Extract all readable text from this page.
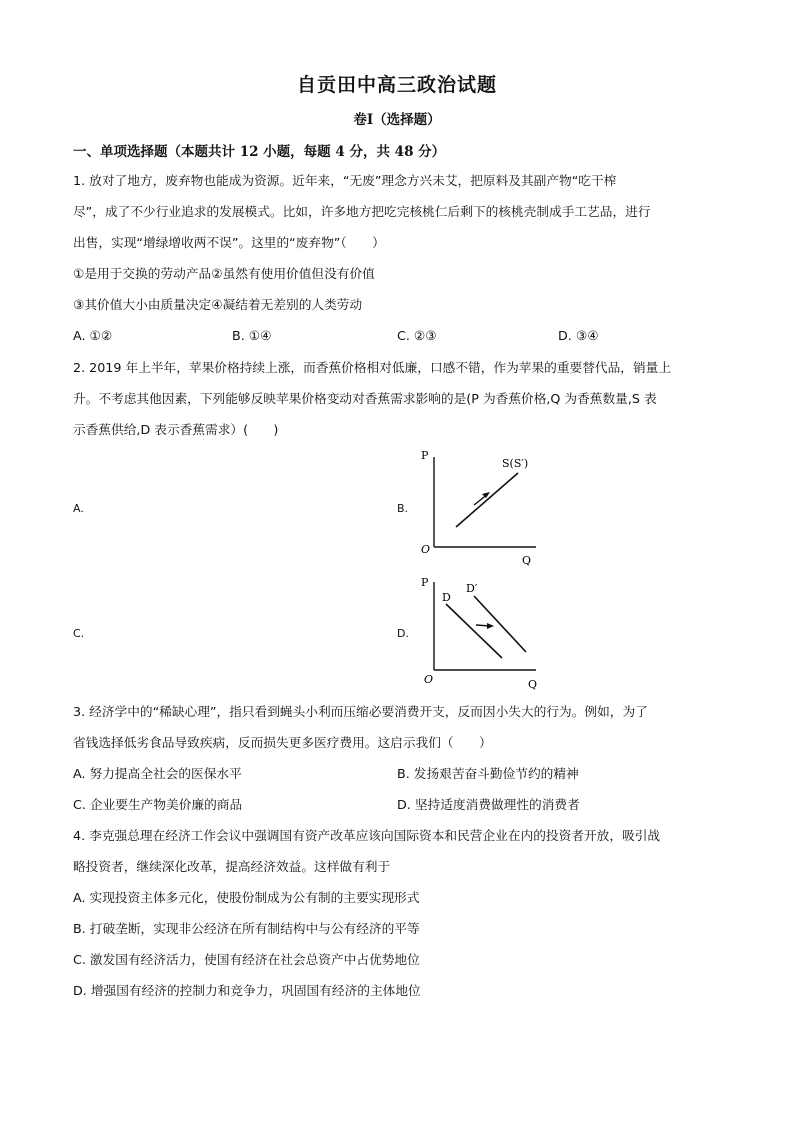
自贡田中高三政治试题
卷Ⅰ（选择题）
一、单项选择题（本题共计 12 小题，每题 4 分，共 48 分）
1. 放对了地方，废弃物也能成为资源。近年来，“无废”理念方兴未艾，把原料及其副产物“吃干榨
尽”，成了不少行业追求的发展模式。比如，许多地方把吃完核桃仁后剩下的核桃壳制成手工艺品，进行
出售，实现“增绿增收两不误”。这里的“废弃物”（　　）
①是用于交换的劳动产品②虽然有使用价值但没有价值
③其价值大小由质量决定④凝结着无差别的人类劳动
A. ①②	B. ①④	C. ②③	D. ③④
2. 2019 年上半年，苹果价格持续上涨，而香蕉价格相对低廉，口感不错，作为苹果的重要替代品，销量上
升。不考虑其他因素，下列能够反映苹果价格变动对香蕉需求影响的是(P 为香蕉价格,Q 为香蕉数量,S 表
示香蕉供给,D 表示香蕉需求）(　　)
A.	B.
C.	D.
P
Q
O
S(S′)
P
Q
O
D
D′
3. 经济学中的“稀缺心理”，指只看到蝇头小利而压缩必要消费开支，反而因小失大的行为。例如，为了
省钱选择低劣食品导致疾病，反而损失更多医疗费用。这启示我们（　　）
A. 努力提高全社会的医保水平	B. 发扬艰苦奋斗勤俭节约的精神
C. 企业要生产物美价廉的商品	D. 坚持适度消费做理性的消费者
4. 李克强总理在经济工作会议中强调国有资产改革应该向国际资本和民营企业在内的投资者开放，吸引战
略投资者，继续深化改革，提高经济效益。这样做有利于
A. 实现投资主体多元化，使股份制成为公有制的主要实现形式
B. 打破垄断，实现非公经济在所有制结构中与公有经济的平等
C. 激发国有经济活力，使国有经济在社会总资产中占优势地位
D. 增强国有经济的控制力和竞争力，巩固国有经济的主体地位
